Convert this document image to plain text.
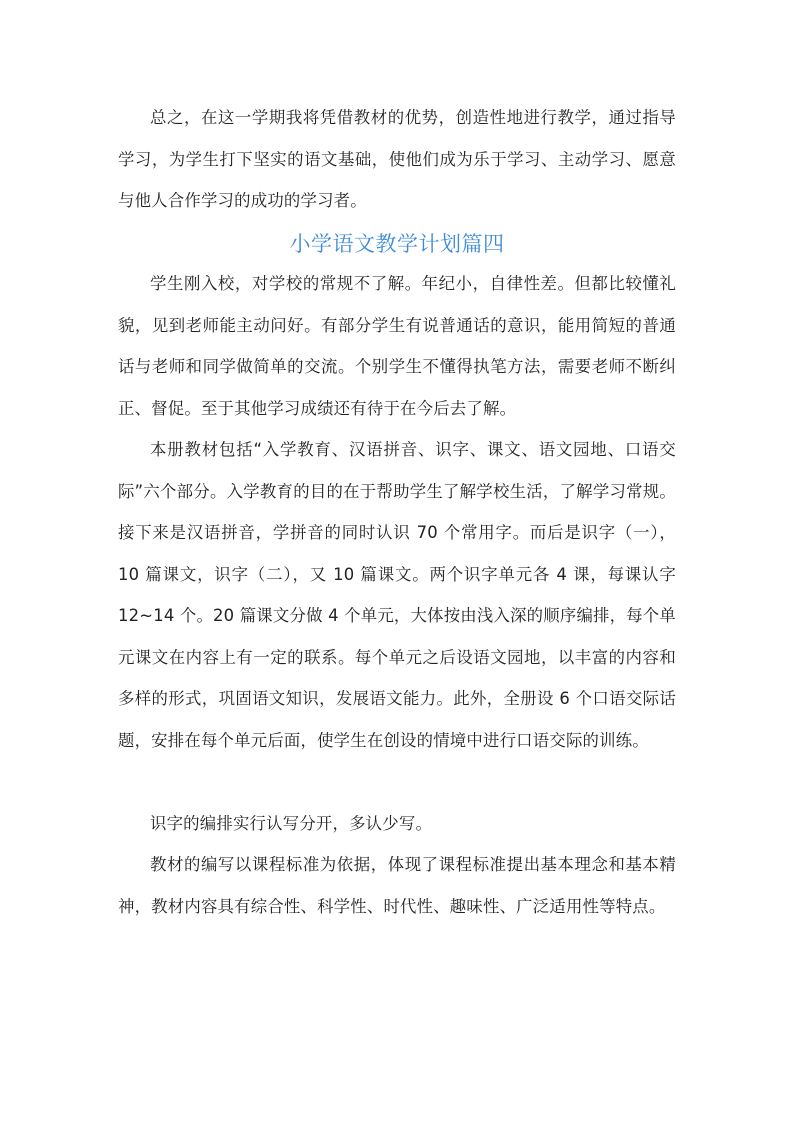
总之，在这一学期我将凭借教材的优势，创造性地进行教学，通过指导学习，为学生打下坚实的语文基础，使他们成为乐于学习、主动学习、愿意与他人合作学习的成功的学习者。

小学语文教学计划篇四

学生刚入校，对学校的常规不了解。年纪小，自律性差。但都比较懂礼貌，见到老师能主动问好。有部分学生有说普通话的意识，能用简短的普通话与老师和同学做简单的交流。个别学生不懂得执笔方法，需要老师不断纠正、督促。至于其他学习成绩还有待于在今后去了解。

本册教材包括“入学教育、汉语拼音、识字、课文、语文园地、口语交际”六个部分。入学教育的目的在于帮助学生了解学校生活，了解学习常规。接下来是汉语拼音，学拼音的同时认识 70 个常用字。而后是识字（一），10 篇课文，识字（二），又 10 篇课文。两个识字单元各 4 课，每课认字 12~14 个。20 篇课文分做 4 个单元，大体按由浅入深的顺序编排，每个单元课文在内容上有一定的联系。每个单元之后设语文园地，以丰富的内容和多样的形式，巩固语文知识，发展语文能力。此外，全册设 6 个口语交际话题，安排在每个单元后面，使学生在创设的情境中进行口语交际的训练。

识字的编排实行认写分开，多认少写。

教材的编写以课程标准为依据，体现了课程标准提出基本理念和基本精神，教材内容具有综合性、科学性、时代性、趣味性、广泛适用性等特点。
